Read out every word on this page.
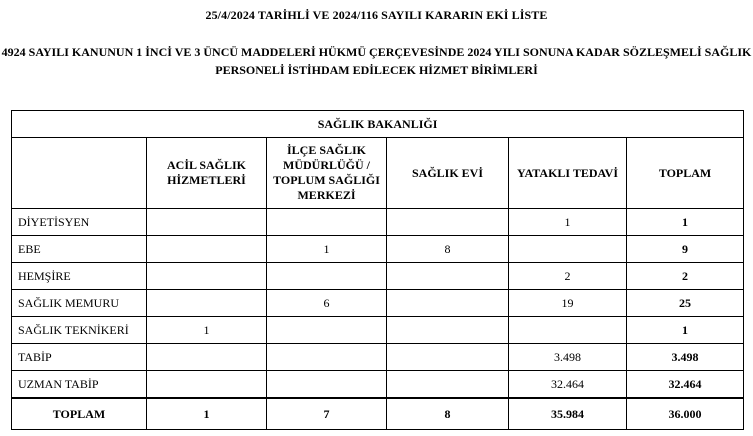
25/4/2024 TARİHLİ VE 2024/116 SAYILI KARARIN EKİ LİSTE
4924 SAYILI KANUNUN 1 İNCİ VE 3 ÜNCÜ MADDELERİ HÜKMÜ ÇERÇEVESİNDE 2024 YILI SONUNA KADAR SÖZLEŞMELİ SAĞLIK
PERSONELİ İSTİHDAM EDİLECEK HİZMET BİRİMLERİ
SAĞLIK BAKANLIĞI					
	ACİL SAĞLIK HİZMETLERİ	İLÇE SAĞLIK MÜDÜRLÜĞÜ / TOPLUM SAĞLIĞI MERKEZİ	SAĞLIK EVİ	YATAKLI TEDAVİ	TOPLAM
DİYETİSYEN				1	1
EBE		1	8		9
HEMŞİRE				2	2
SAĞLIK MEMURU		6		19	25
SAĞLIK TEKNİKERİ	1				1
TABİP				3.498	3.498
UZMAN TABİP				32.464	32.464
TOPLAM	1	7	8	35.984	36.000
